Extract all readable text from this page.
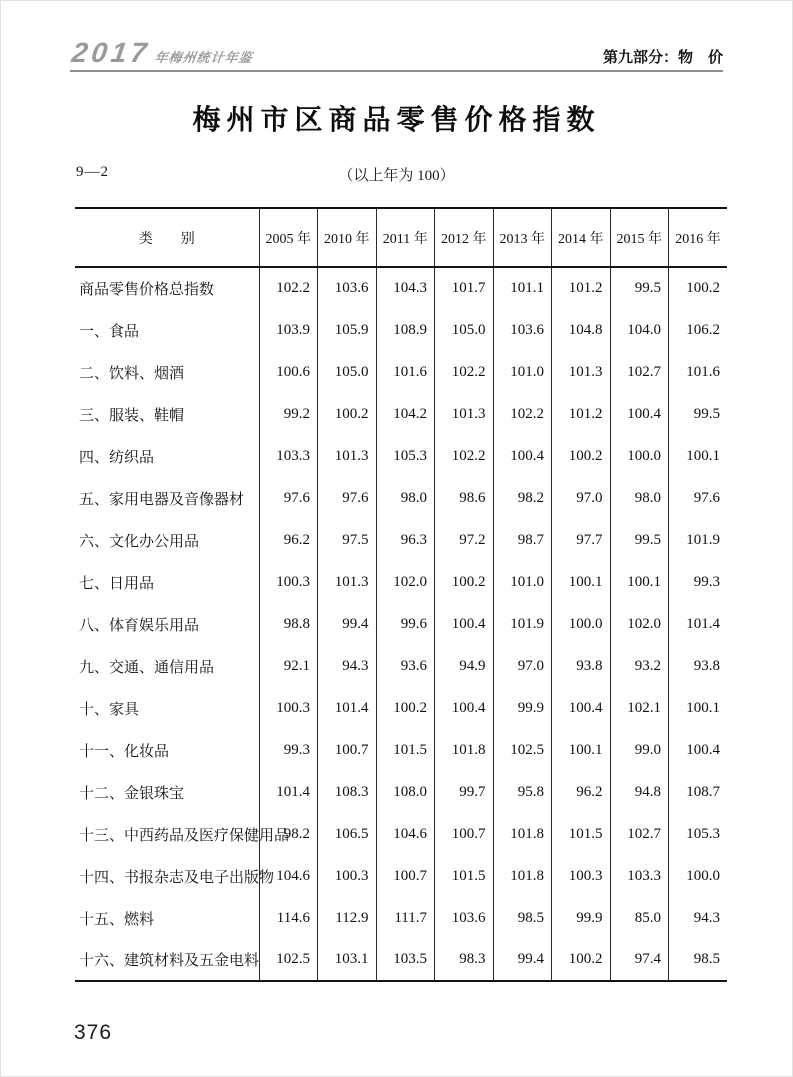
2017年梅州统计年鉴	第九部分：物　价
梅州市区商品零售价格指数
9—2	（以上年为 100）
类　　别	2005 年	2010 年	2011 年	2012 年	2013 年	2014 年	2015 年	2016 年
商品零售价格总指数	102.2	103.6	104.3	101.7	101.1	101.2	99.5	100.2
一、食品	103.9	105.9	108.9	105.0	103.6	104.8	104.0	106.2
二、饮料、烟酒	100.6	105.0	101.6	102.2	101.0	101.3	102.7	101.6
三、服装、鞋帽	99.2	100.2	104.2	101.3	102.2	101.2	100.4	99.5
四、纺织品	103.3	101.3	105.3	102.2	100.4	100.2	100.0	100.1
五、家用电器及音像器材	97.6	97.6	98.0	98.6	98.2	97.0	98.0	97.6
六、文化办公用品	96.2	97.5	96.3	97.2	98.7	97.7	99.5	101.9
七、日用品	100.3	101.3	102.0	100.2	101.0	100.1	100.1	99.3
八、体育娱乐用品	98.8	99.4	99.6	100.4	101.9	100.0	102.0	101.4
九、交通、通信用品	92.1	94.3	93.6	94.9	97.0	93.8	93.2	93.8
十、家具	100.3	101.4	100.2	100.4	99.9	100.4	102.1	100.1
十一、化妆品	99.3	100.7	101.5	101.8	102.5	100.1	99.0	100.4
十二、金银珠宝	101.4	108.3	108.0	99.7	95.8	96.2	94.8	108.7
十三、中西药品及医疗保健用品	98.2	106.5	104.6	100.7	101.8	101.5	102.7	105.3
十四、书报杂志及电子出版物	104.6	100.3	100.7	101.5	101.8	100.3	103.3	100.0
十五、燃料	114.6	112.9	111.7	103.6	98.5	99.9	85.0	94.3
十六、建筑材料及五金电料	102.5	103.1	103.5	98.3	99.4	100.2	97.4	98.5
376
